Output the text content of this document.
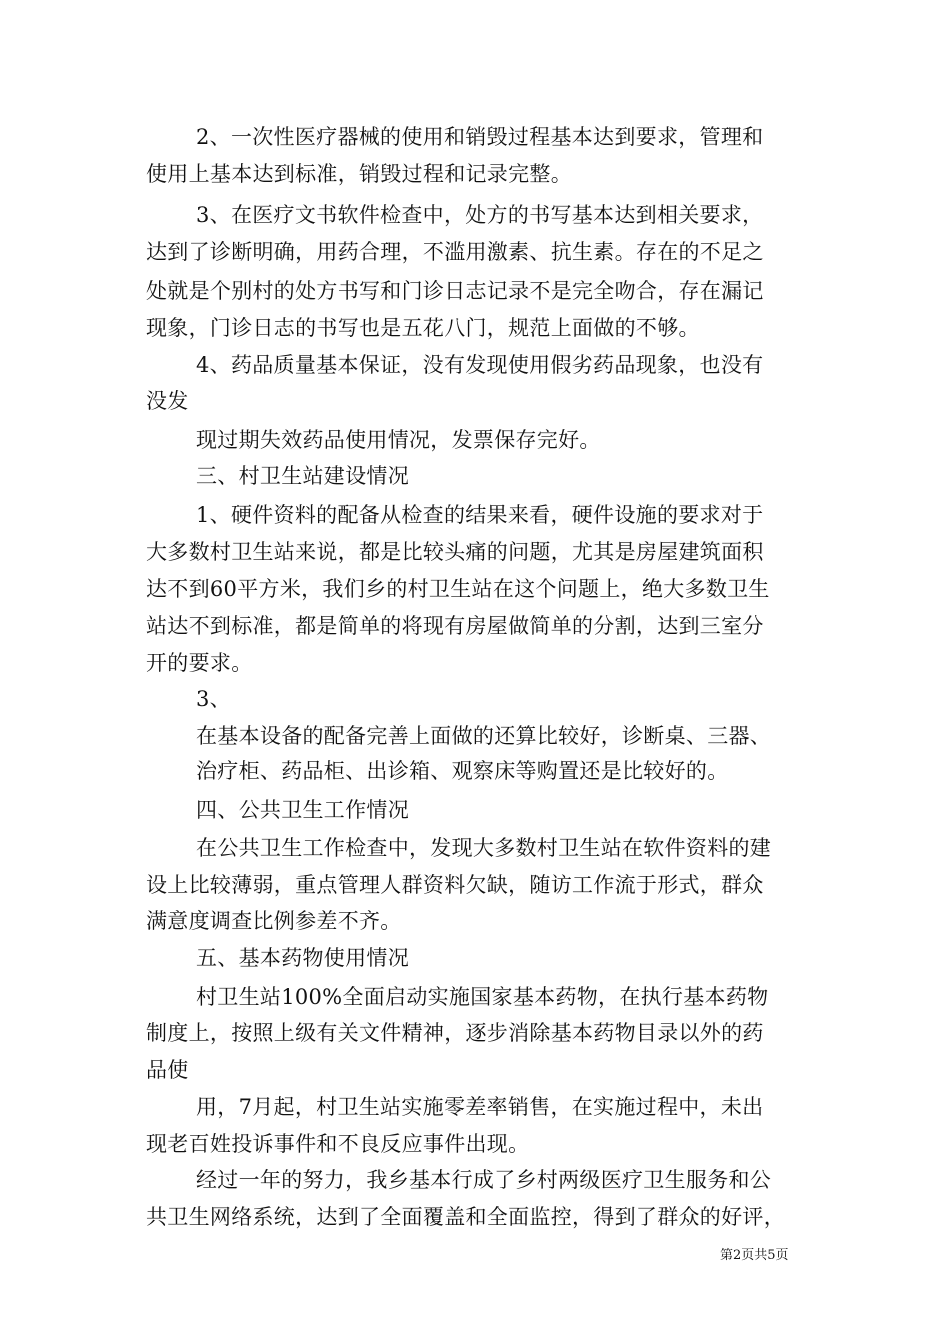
2、一次性医疗器械的使用和销毁过程基本达到要求，管理和
使用上基本达到标准，销毁过程和记录完整。
3、在医疗文书软件检查中，处方的书写基本达到相关要求，
达到了诊断明确，用药合理，不滥用激素、抗生素。存在的不足之
处就是个别村的处方书写和门诊日志记录不是完全吻合，存在漏记
现象，门诊日志的书写也是五花八门，规范上面做的不够。
4、药品质量基本保证，没有发现使用假劣药品现象，也没有
没发
现过期失效药品使用情况，发票保存完好。
三、村卫生站建设情况
1、硬件资料的配备从检查的结果来看，硬件设施的要求对于
大多数村卫生站来说，都是比较头痛的问题，尤其是房屋建筑面积
达不到60平方米，我们乡的村卫生站在这个问题上，绝大多数卫生
站达不到标准，都是简单的将现有房屋做简单的分割，达到三室分
开的要求。
3、
在基本设备的配备完善上面做的还算比较好，诊断桌、三器、
治疗柜、药品柜、出诊箱、观察床等购置还是比较好的。
四、公共卫生工作情况
在公共卫生工作检查中，发现大多数村卫生站在软件资料的建
设上比较薄弱，重点管理人群资料欠缺，随访工作流于形式，群众
满意度调查比例参差不齐。
五、基本药物使用情况
村卫生站100%全面启动实施国家基本药物，在执行基本药物
制度上，按照上级有关文件精神，逐步消除基本药物目录以外的药
品使
用，7月起，村卫生站实施零差率销售，在实施过程中，未出
现老百姓投诉事件和不良反应事件出现。
经过一年的努力，我乡基本行成了乡村两级医疗卫生服务和公
共卫生网络系统，达到了全面覆盖和全面监控，得到了群众的好评，
第2页共5页
